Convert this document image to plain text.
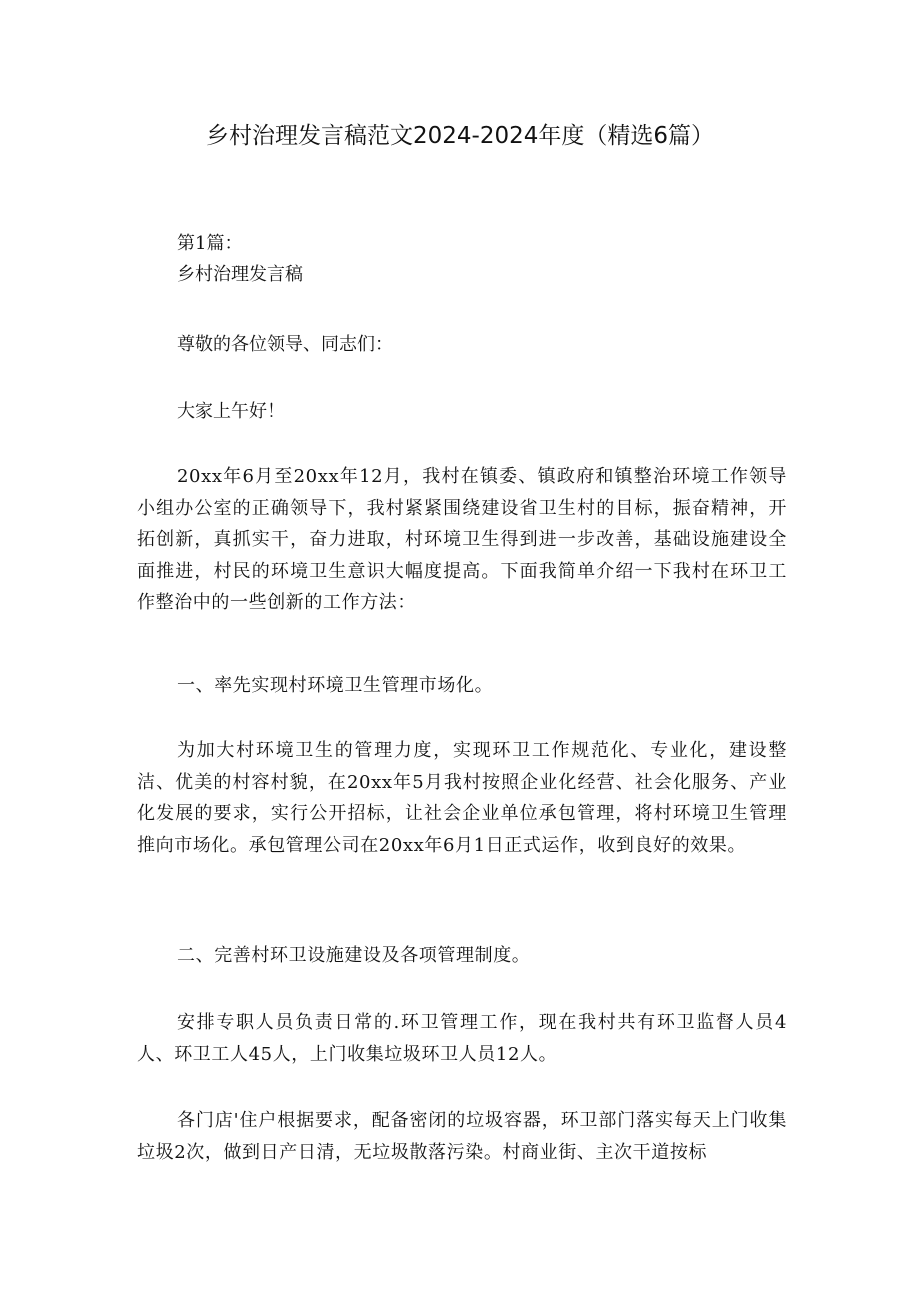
乡村治理发言稿范文2024-2024年度（精选6篇）

第1篇：

乡村治理发言稿

尊敬的各位领导、同志们：

大家上午好！

20xx年6月至20xx年12月，我村在镇委、镇政府和镇整治环境工作领导小组办公室的正确领导下，我村紧紧围绕建设省卫生村的目标，振奋精神，开拓创新，真抓实干，奋力进取，村环境卫生得到进一步改善，基础设施建设全面推进，村民的环境卫生意识大幅度提高。下面我简单介绍一下我村在环卫工作整治中的一些创新的工作方法：

一、率先实现村环境卫生管理市场化。

为加大村环境卫生的管理力度，实现环卫工作规范化、专业化，建设整洁、优美的村容村貌，在20xx年5月我村按照企业化经营、社会化服务、产业化发展的要求，实行公开招标，让社会企业单位承包管理，将村环境卫生管理推向市场化。承包管理公司在20xx年6月1日正式运作，收到良好的效果。

二、完善村环卫设施建设及各项管理制度。

安排专职人员负责日常的.环卫管理工作，现在我村共有环卫监督人员4人、环卫工人45人，上门收集垃圾环卫人员12人。

各门店'住户根据要求，配备密闭的垃圾容器，环卫部门落实每天上门收集垃圾2次，做到日产日清，无垃圾散落污染。村商业街、主次干道按标
